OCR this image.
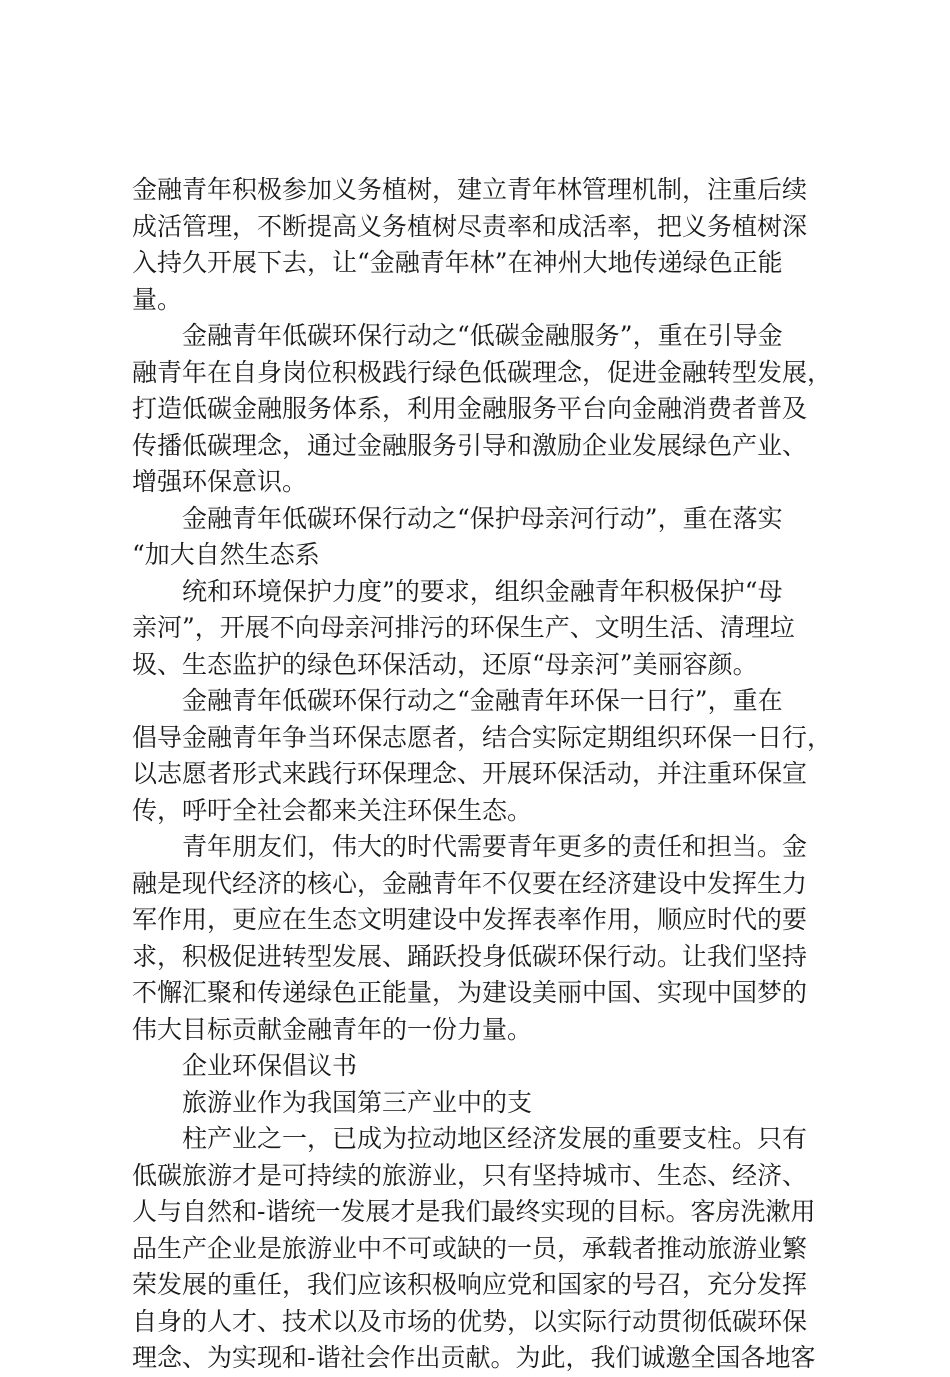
金融青年积极参加义务植树，建立青年林管理机制，注重后续
成活管理，不断提高义务植树尽责率和成活率，把义务植树深
入持久开展下去，让“金融青年林”在神州大地传递绿色正能
量。
金融青年低碳环保行动之“低碳金融服务”，重在引导金
融青年在自身岗位积极践行绿色低碳理念，促进金融转型发展，
打造低碳金融服务体系，利用金融服务平台向金融消费者普及
传播低碳理念，通过金融服务引导和激励企业发展绿色产业、
增强环保意识。
金融青年低碳环保行动之“保护母亲河行动”，重在落实
“加大自然生态系
统和环境保护力度”的要求，组织金融青年积极保护“母
亲河”，开展不向母亲河排污的环保生产、文明生活、清理垃
圾、生态监护的绿色环保活动，还原“母亲河”美丽容颜。
金融青年低碳环保行动之“金融青年环保一日行”，重在
倡导金融青年争当环保志愿者，结合实际定期组织环保一日行，
以志愿者形式来践行环保理念、开展环保活动，并注重环保宣
传，呼吁全社会都来关注环保生态。
青年朋友们，伟大的时代需要青年更多的责任和担当。金
融是现代经济的核心，金融青年不仅要在经济建设中发挥生力
军作用，更应在生态文明建设中发挥表率作用，顺应时代的要
求，积极促进转型发展、踊跃投身低碳环保行动。让我们坚持
不懈汇聚和传递绿色正能量，为建设美丽中国、实现中国梦的
伟大目标贡献金融青年的一份力量。
企业环保倡议书
旅游业作为我国第三产业中的支
柱产业之一，已成为拉动地区经济发展的重要支柱。只有
低碳旅游才是可持续的旅游业，只有坚持城市、生态、经济、
人与自然和-谐统一发展才是我们最终实现的目标。客房洗漱用
品生产企业是旅游业中不可或缺的一员，承载者推动旅游业繁
荣发展的重任，我们应该积极响应党和国家的号召，充分发挥
自身的人才、技术以及市场的优势，以实际行动贯彻低碳环保
理念、为实现和-谐社会作出贡献。为此，我们诚邀全国各地客
